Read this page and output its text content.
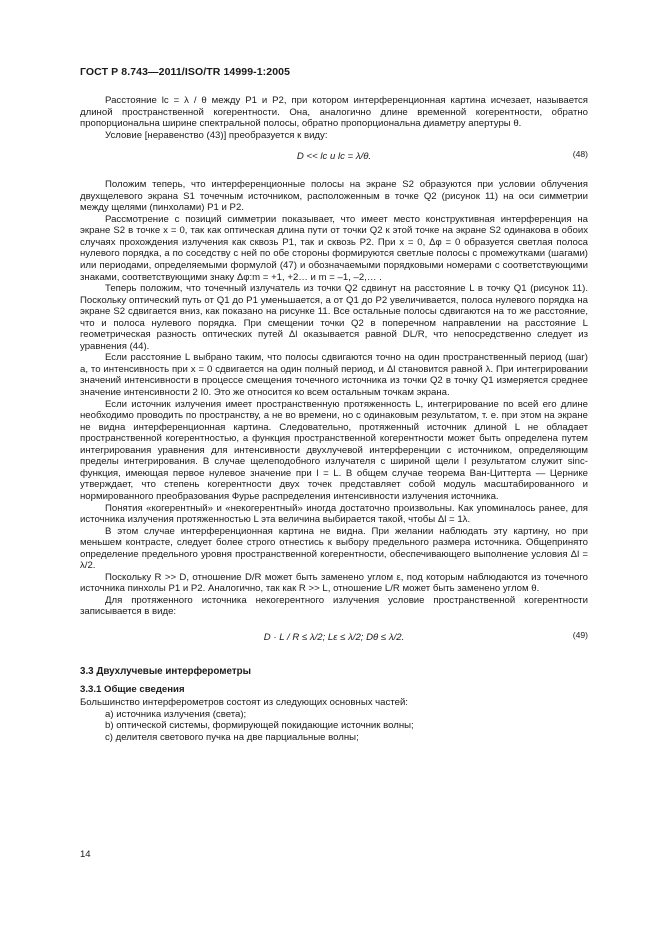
ГОСТ Р 8.743—2011/ISO/TR 14999-1:2005

Расстояние lc = λ / θ между P1 и P2, при котором интерференционная картина исчезает, называется длиной пространственной когерентности. Она, аналогично длине временной когерентности, обратно пропорциональна ширине спектральной полосы, обратно пропорциональна диаметру апертуры θ.

Условие [неравенство (43)] преобразуется к виду:

D << lc и lc = λ/θ.	(48)

Положим теперь, что интерференционные полосы на экране S2 образуются при условии облучения двухщелевого экрана S1 точечным источником, расположенным в точке Q2 (рисунок 11) на оси симметрии между щелями (пинхолами) P1 и P2.

Рассмотрение с позиций симметрии показывает, что имеет место конструктивная интерференция на экране S2 в точке x = 0, так как оптическая длина пути от точки Q2 к этой точке на экране S2 одинакова в обоих случаях прохождения излучения как сквозь P1, так и сквозь P2. При x = 0, Δφ = 0 образуется светлая полоса нулевого порядка, а по соседству с ней по обе стороны формируются светлые полосы с промежутками (шагами) или периодами, определяемыми формулой (47) и обозначаемыми порядковыми номерами с соответствующими знаками, соответствующими знаку Δφ:m = +1, +2… и m = –1, –2,… .

Теперь положим, что точечный излучатель из точки Q2 сдвинут на расстояние L в точку Q1 (рисунок 11). Поскольку оптический путь от Q1 до P1 уменьшается, а от Q1 до P2 увеличивается, полоса нулевого порядка на экране S2 сдвигается вниз, как показано на рисунке 11. Все остальные полосы сдвигаются на то же расстояние, что и полоса нулевого порядка. При смещении точки Q2 в поперечном направлении на расстояние L геометрическая разность оптических путей Δl оказывается равной DL/R, что непосредственно следует из уравнения (44).

Если расстояние L выбрано таким, что полосы сдвигаются точно на один пространственный период (шаг) a, то интенсивность при x = 0 сдвигается на один полный период, и Δl становится равной λ. При интегрировании значений интенсивности в процессе смещения точечного источника из точки Q2 в точку Q1 измеряется среднее значение интенсивности 2 I0. Это же относится ко всем остальным точкам экрана.

Если источник излучения имеет пространственную протяженность L, интегрирование по всей его длине необходимо проводить по пространству, а не во времени, но с одинаковым результатом, т. е. при этом на экране не видна интерференционная картина. Следовательно, протяженный источник длиной L не обладает пространственной когерентностью, а функция пространственной когерентности может быть определена путем интегрирования уравнения для интенсивности двухлучевой интерференции с источником, определяющим пределы интегрирования. В случае щелеподобного излучателя с шириной щели l результатом служит sinc-функция, имеющая первое нулевое значение при l = L. В общем случае теорема Ван-Циттерта — Цернике утверждает, что степень когерентности двух точек представляет собой модуль масштабированного и нормированного преобразования Фурье распределения интенсивности излучения источника.

Понятия «когерентный» и «некогерентный» иногда достаточно произвольны. Как упоминалось ранее, для источника излучения протяженностью L эта величина выбирается такой, чтобы Δl = 1λ.

В этом случае интерференционная картина не видна. При желании наблюдать эту картину, но при меньшем контрасте, следует более строго отнестись к выбору предельного размера источника. Общепринято определение предельного уровня пространственной когерентности, обеспечивающего выполнение условия Δl = λ/2.

Поскольку R >> D, отношение D/R может быть заменено углом ε, под которым наблюдаются из точечного источника пинхолы P1 и P2. Аналогично, так как R >> L, отношение L/R может быть заменено углом θ.

Для протяженного источника некогерентного излучения условие пространственной когерентности записывается в виде:

D · L / R ≤ λ/2; Lε ≤ λ/2; Dθ ≤ λ/2.	(49)
3.3 Двухлучевые интерферометры
3.3.1 Общие сведения

Большинство интерферометров состоят из следующих основных частей:

a) источника излучения (света);

b) оптической системы, формирующей покидающие источник волны;

c) делителя светового пучка на две парциальные волны;

14
